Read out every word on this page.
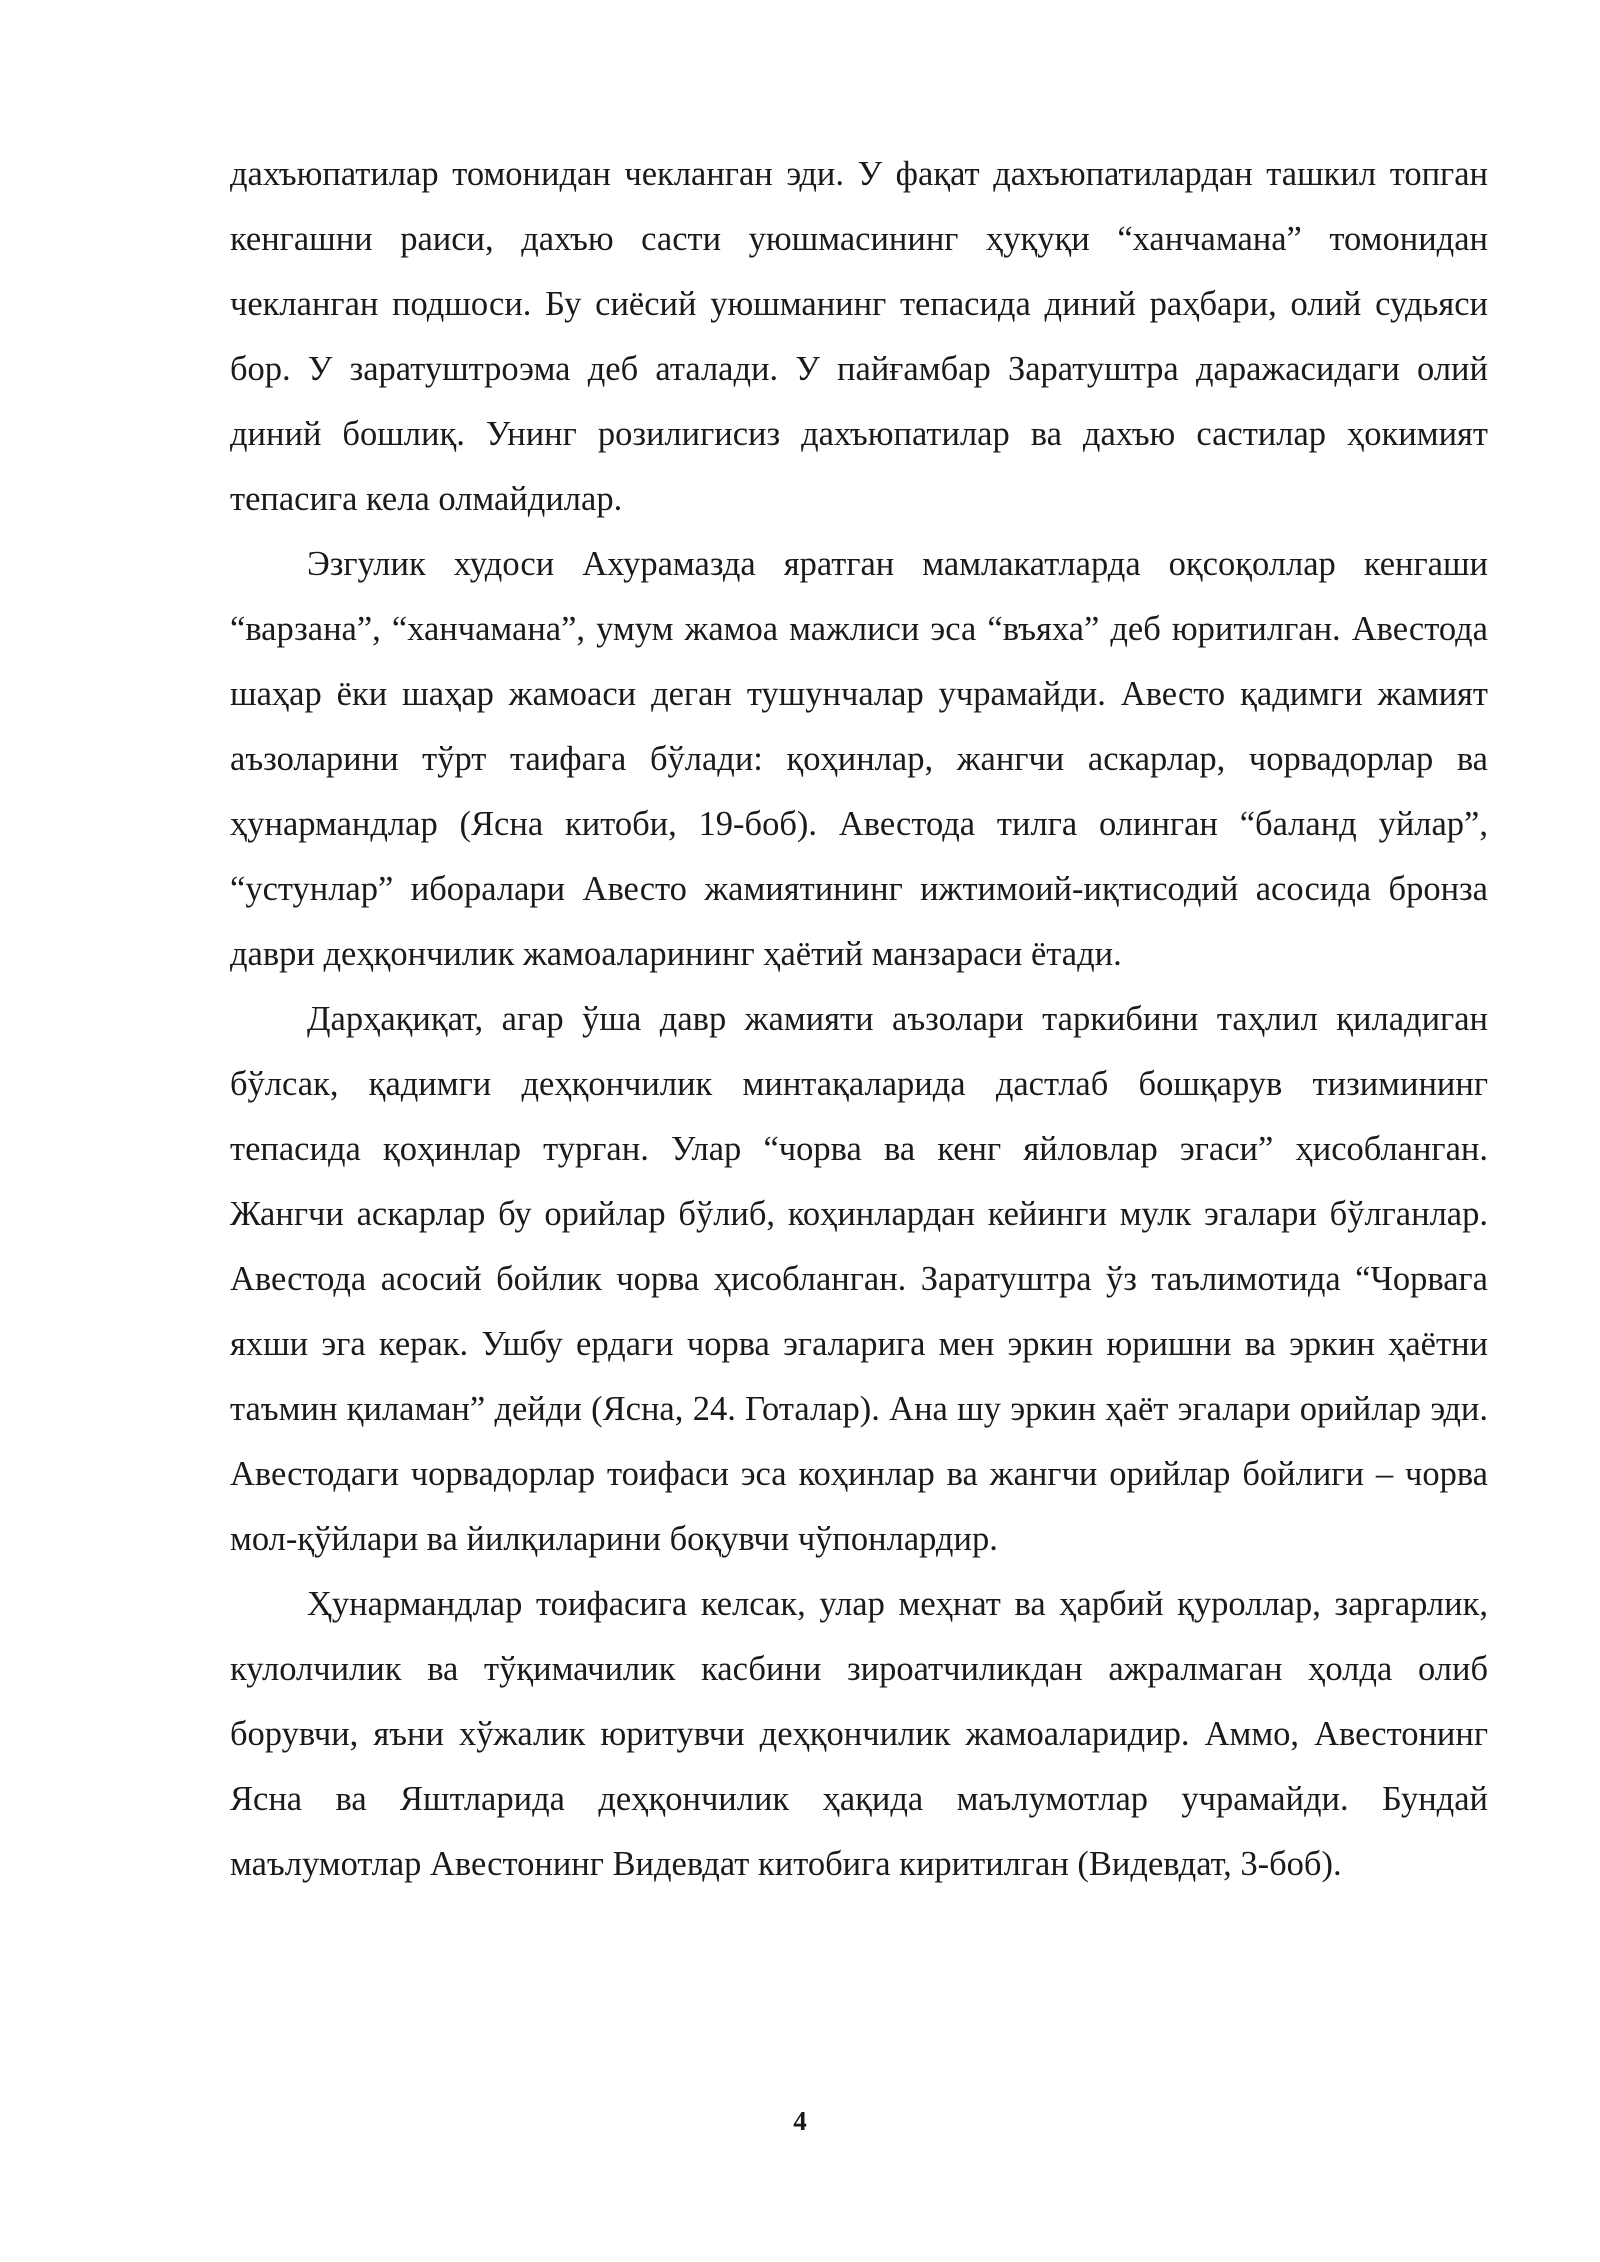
дахъюпатилар томонидан чекланган эди. У фақат дахъюпатилардан ташкил топган кенгашни раиси, дахъю састи уюшмасининг ҳуқуқи “ханчамана” томонидан чекланган подшоси. Бу сиёсий уюшманинг тепасида диний раҳбари, олий судьяси бор. У заратуштроэма деб аталади. У пайғамбар Заратуштра даражасидаги олий диний бошлиқ. Унинг розилигисиз дахъюпатилар ва дахъю састилар ҳокимият тепасига кела олмайдилар.

Эзгулик худоси Ахурамазда яратган мамлакатларда оқсоқоллар кенгаши “варзана”, “ханчамана”, умум жамоа мажлиси эса “въяха” деб юритилган. Авестода шаҳар ёки шаҳар жамоаси деган тушунчалар учрамайди. Авесто қадимги жамият аъзоларини тўрт таифага бўлади: қоҳинлар, жангчи аскарлар, чорвадорлар ва ҳунармандлар (Ясна китоби, 19-боб). Авестода тилга олинган “баланд уйлар”, “устунлар” иборалари Авесто жамиятининг ижтимоий-иқтисодий асосида бронза даври деҳқончилик жамоаларининг ҳаётий манзараси ётади.

Дарҳақиқат, агар ўша давр жамияти аъзолари таркибини таҳлил қиладиган бўлсак, қадимги деҳқончилик минтақаларида дастлаб бошқарув тизимининг тепасида қоҳинлар турган. Улар “чорва ва кенг яйловлар эгаси” ҳисобланган. Жангчи аскарлар бу орийлар бўлиб, коҳинлардан кейинги мулк эгалари бўлганлар. Авестода асосий бойлик чорва ҳисобланган. Заратуштра ўз таълимотида “Чорвага яхши эга керак. Ушбу ердаги чорва эгаларига мен эркин юришни ва эркин ҳаётни таъмин қиламан” дейди (Ясна, 24. Готалар). Ана шу эркин ҳаёт эгалари орийлар эди. Авестодаги чорвадорлар тоифаси эса коҳинлар ва жангчи орийлар бойлиги – чорва мол-қўйлари ва йилқиларини боқувчи чўпонлардир.

Ҳунармандлар тоифасига келсак, улар меҳнат ва ҳарбий қуроллар, заргарлик, кулолчилик ва тўқимачилик касбини зироатчиликдан ажралмаган ҳолда олиб борувчи, яъни хўжалик юритувчи деҳқончилик жамоаларидир. Аммо, Авестонинг Ясна ва Яштларида деҳқончилик ҳақида маълумотлар учрамайди. Бундай маълумотлар Авестонинг Видевдат китобига киритилган (Видевдат, 3-боб).

4
